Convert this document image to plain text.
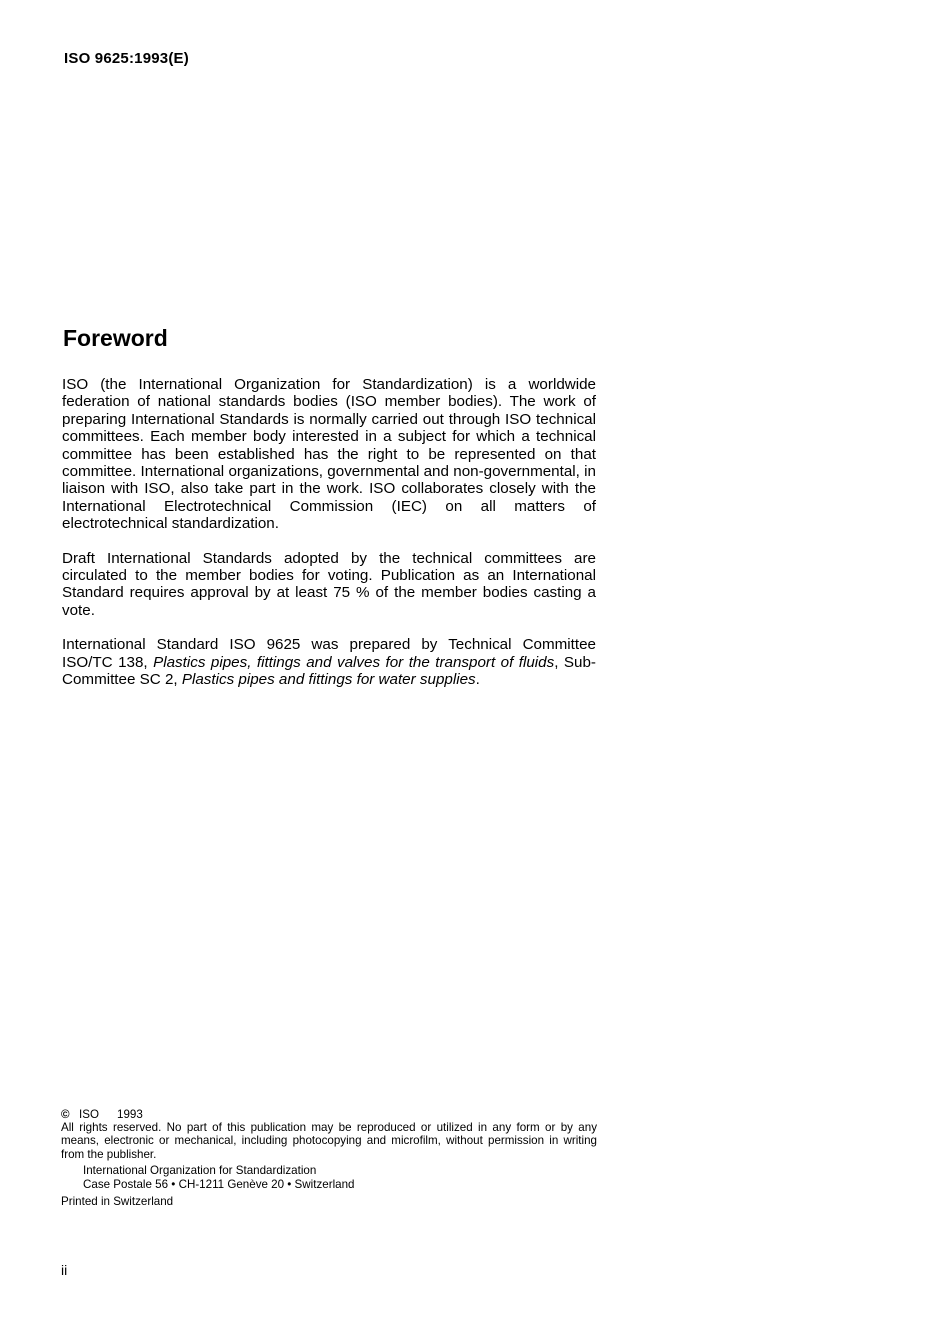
ISO 9625:1993(E)
Foreword

ISO (the International Organization for Standardization) is a worldwide federation of national standards bodies (ISO member bodies). The work of preparing International Standards is normally carried out through ISO technical committees. Each member body interested in a subject for which a technical committee has been established has the right to be represented on that committee. International organizations, governmental and non-governmental, in liaison with ISO, also take part in the work. ISO collaborates closely with the International Electrotechnical Commission (IEC) on all matters of electrotechnical standardization.

Draft International Standards adopted by the technical committees are circulated to the member bodies for voting. Publication as an International Standard requires approval by at least 75 % of the member bodies casting a vote.

International Standard ISO 9625 was prepared by Technical Committee ISO/TC 138, Plastics pipes, fittings and valves for the transport of fluids, Sub-Committee SC 2, Plastics pipes and fittings for water supplies.

© ISO 1993

All rights reserved. No part of this publication may be reproduced or utilized in any form or by any means, electronic or mechanical, including photocopying and microfilm, without permission in writing from the publisher.

International Organization for Standardization
Case Postale 56 • CH-1211 Genève 20 • Switzerland
Printed in Switzerland
ii
